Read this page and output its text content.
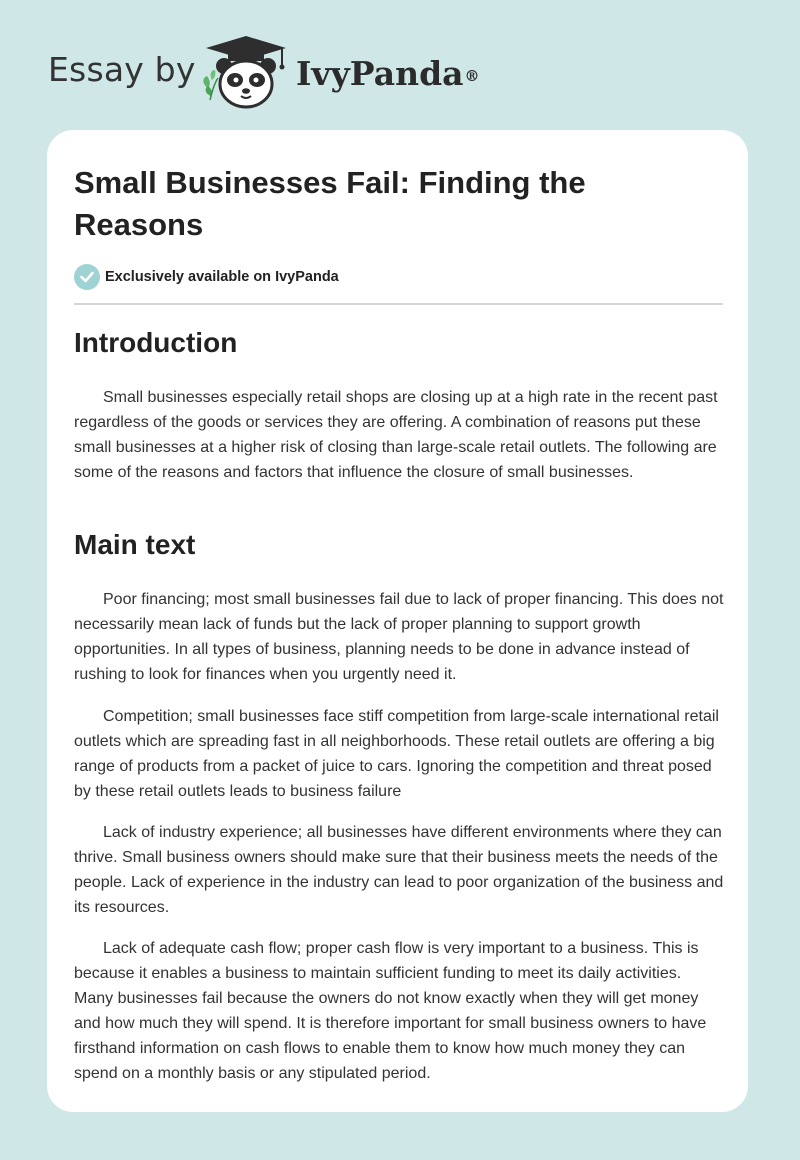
Essay by	IvyPanda®
Small Businesses Fail: Finding the Reasons
Exclusively available on IvyPanda
Introduction

Small businesses especially retail shops are closing up at a high rate in the recent past regardless of the goods or services they are offering. A combination of reasons put these small businesses at a higher risk of closing than large-scale retail outlets. The following are some of the reasons and factors that influence the closure of small businesses.

Main text

Poor financing; most small businesses fail due to lack of proper financing. This does not necessarily mean lack of funds but the lack of proper planning to support growth opportunities. In all types of business, planning needs to be done in advance instead of rushing to look for finances when you urgently need it.

Competition; small businesses face stiff competition from large-scale international retail outlets which are spreading fast in all neighborhoods. These retail outlets are offering a big range of products from a packet of juice to cars. Ignoring the competition and threat posed by these retail outlets leads to business failure

Lack of industry experience; all businesses have different environments where they can thrive. Small business owners should make sure that their business meets the needs of the people. Lack of experience in the industry can lead to poor organization of the business and its resources.

Lack of adequate cash flow; proper cash flow is very important to a business. This is because it enables a business to maintain sufficient funding to meet its daily activities. Many businesses fail because the owners do not know exactly when they will get money and how much they will spend. It is therefore important for small business owners to have firsthand information on cash flows to enable them to know how much money they can spend on a monthly basis or any stipulated period.
